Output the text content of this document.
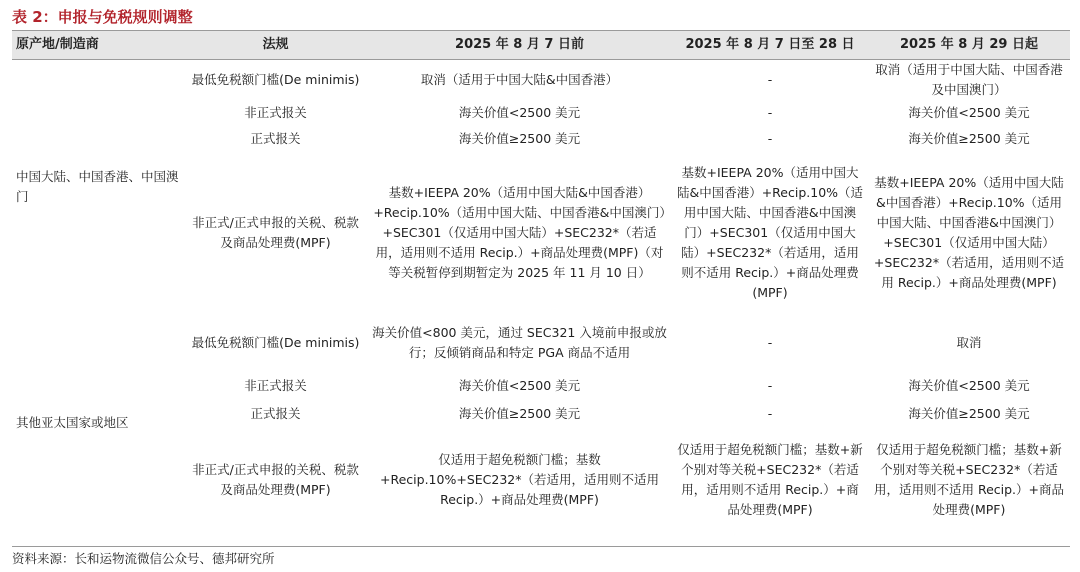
表 2：申报与免税规则调整
原产地/制造商	法规	2025 年 8 月 7 日前	2025 年 8 月 7 日至 28 日	2025 年 8 月 29 日起
中国大陆、中国香港、中国澳门	最低免税额门槛(De minimis)	取消（适用于中国大陆&中国香港）	-	取消（适用于中国大陆、中国香港及中国澳门）
	非正式报关	海关价值<2500 美元	-	海关价值<2500 美元
	正式报关	海关价值≥2500 美元	-	海关价值≥2500 美元
	非正式/正式申报的关税、税款及商品处理费(MPF)	基数+IEEPA 20%（适用中国大陆&中国香港）+Recip.10%（适用中国大陆、中国香港&中国澳门）+SEC301（仅适用中国大陆）+SEC232*（若适用，适用则不适用 Recip.）+商品处理费(MPF)（对等关税暂停到期暂定为 2025 年 11 月 10 日）	基数+IEEPA 20%（适用中国大陆&中国香港）+Recip.10%（适用中国大陆、中国香港&中国澳门）+SEC301（仅适用中国大陆）+SEC232*（若适用，适用则不适用 Recip.）+商品处理费(MPF)	基数+IEEPA 20%（适用中国大陆&中国香港）+Recip.10%（适用中国大陆、中国香港&中国澳门）+SEC301（仅适用中国大陆）+SEC232*（若适用，适用则不适用 Recip.）+商品处理费(MPF)
其他亚太国家或地区	最低免税额门槛(De minimis)	海关价值<800 美元，通过 SEC321 入境前申报或放行；反倾销商品和特定 PGA 商品不适用	-	取消
	非正式报关	海关价值<2500 美元	-	海关价值<2500 美元
	正式报关	海关价值≥2500 美元	-	海关价值≥2500 美元
	非正式/正式申报的关税、税款及商品处理费(MPF)	仅适用于超免税额门槛；基数+Recip.10%+SEC232*（若适用，适用则不适用 Recip.）+商品处理费(MPF)	仅适用于超免税额门槛；基数+新个别对等关税+SEC232*（若适用，适用则不适用 Recip.）+商品处理费(MPF)	仅适用于超免税额门槛；基数+新个别对等关税+SEC232*（若适用，适用则不适用 Recip.）+商品处理费(MPF)
资料来源：长和运物流微信公众号、德邦研究所
